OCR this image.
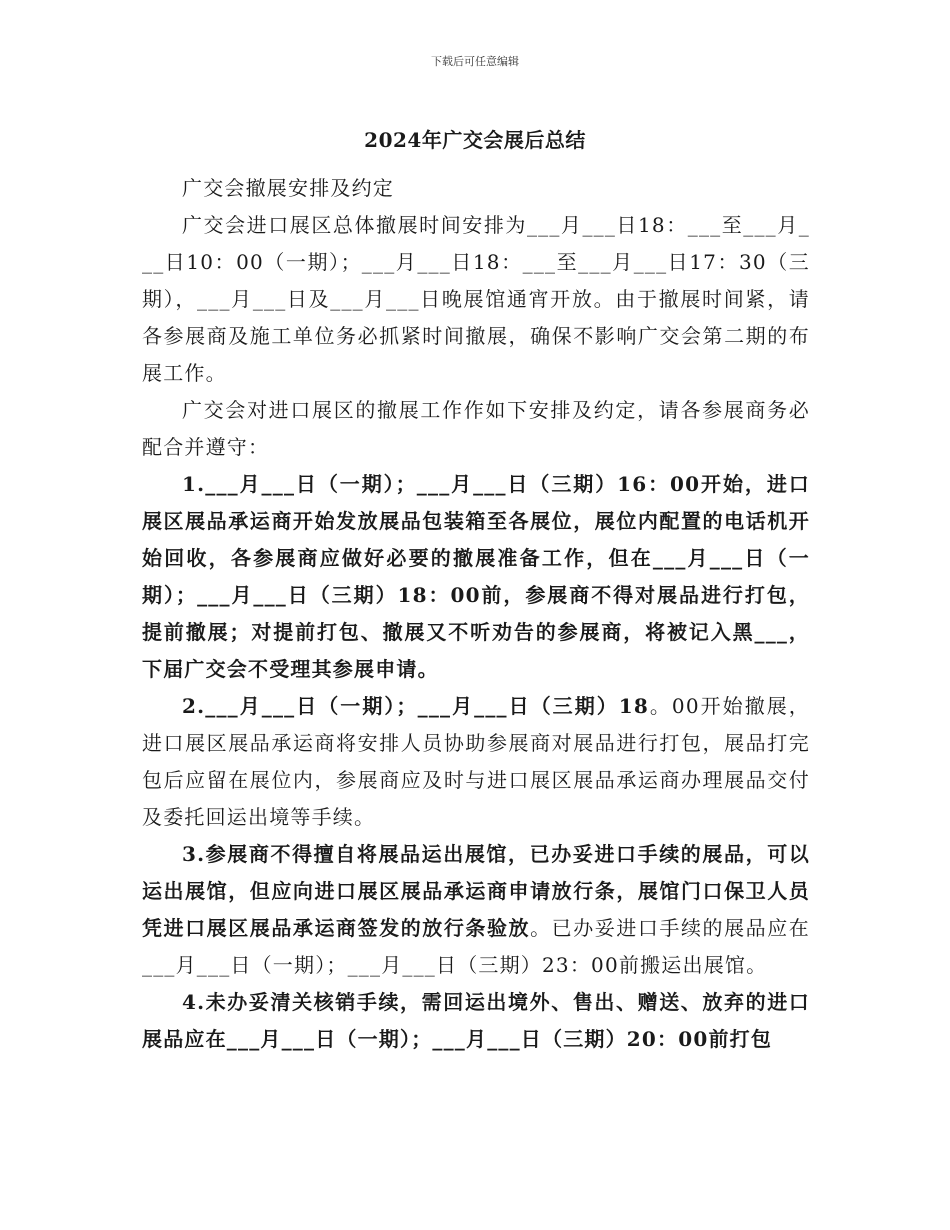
下载后可任意编辑
2024年广交会展后总结

广交会撤展安排及约定

广交会进口展区总体撤展时间安排为___月___日18：___至___月___日10：00（一期）；___月___日18：___至___月___日17：30（三期），___月___日及___月___日晚展馆通宵开放。由于撤展时间紧，请各参展商及施工单位务必抓紧时间撤展，确保不影响广交会第二期的布展工作。

广交会对进口展区的撤展工作作如下安排及约定，请各参展商务必配合并遵守：

1.___月___日（一期）；___月___日（三期）16：00开始，进口展区展品承运商开始发放展品包装箱至各展位，展位内配置的电话机开始回收，各参展商应做好必要的撤展准备工作，但在___月___日（一期）；___月___日（三期）18：00前，参展商不得对展品进行打包，提前撤展；对提前打包、撤展又不听劝告的参展商，将被记入黑___，下届广交会不受理其参展申请。

2.___月___日（一期）；___月___日（三期）18。00开始撤展，进口展区展品承运商将安排人员协助参展商对展品进行打包，展品打完包后应留在展位内，参展商应及时与进口展区展品承运商办理展品交付及委托回运出境等手续。

3.参展商不得擅自将展品运出展馆，已办妥进口手续的展品，可以运出展馆，但应向进口展区展品承运商申请放行条，展馆门口保卫人员凭进口展区展品承运商签发的放行条验放。已办妥进口手续的展品应在___月___日（一期）；___月___日（三期）23：00前搬运出展馆。

4.未办妥清关核销手续，需回运出境外、售出、赠送、放弃的进口展品应在___月___日（一期）；___月___日（三期）20：00前打包
